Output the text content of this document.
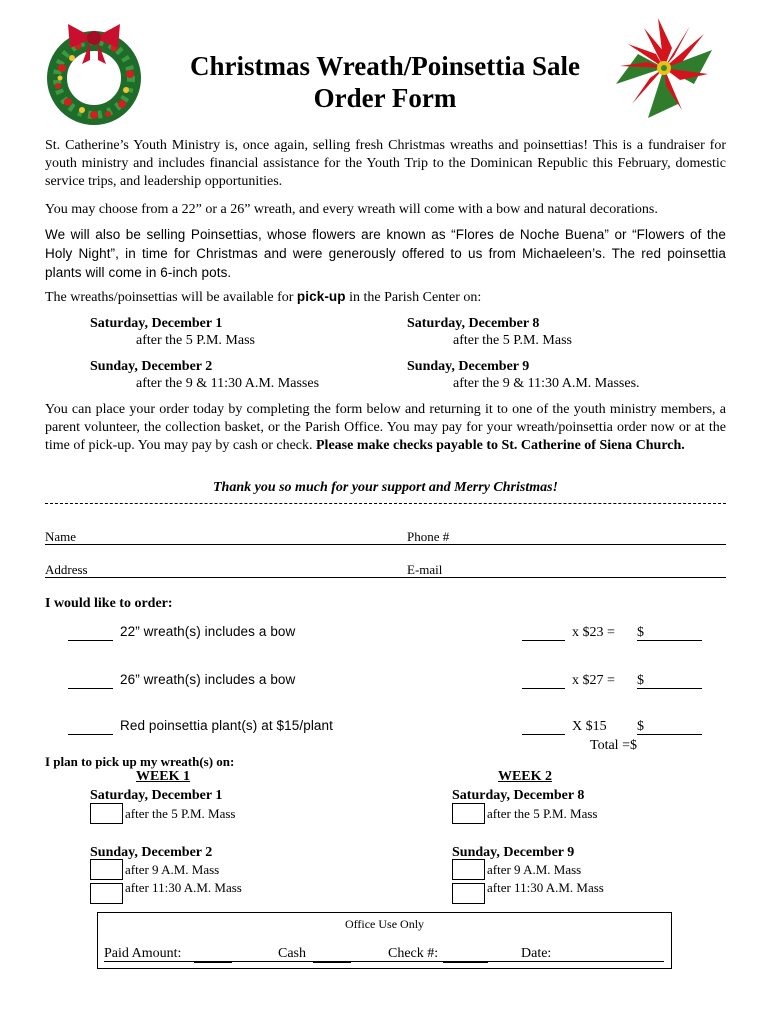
Christmas Wreath/Poinsettia Sale
Order Form
St. Catherine’s Youth Ministry is, once again, selling fresh Christmas wreaths and poinsettias! This is a fundraiser for youth ministry and includes financial assistance for the Youth Trip to the Dominican Republic this February, domestic service trips, and leadership opportunities.
You may choose from a 22” or a 26” wreath, and every wreath will come with a bow and natural decorations.
We will also be selling Poinsettias, whose flowers are known as “Flores de Noche Buena” or “Flowers of the Holy Night”, in time for Christmas and were generously offered to us from Michaeleen’s. The red poinsettia plants will come in 6-inch pots.
The wreaths/poinsettias will be available for pick-up in the Parish Center on:
Saturday, December 1
after the 5 P.M. Mass
Sunday, December 2
after the 9 & 11:30 A.M. Masses
Saturday, December 8
after the 5 P.M. Mass
Sunday, December 9
after the 9 & 11:30 A.M. Masses.
You can place your order today by completing the form below and returning it to one of the youth ministry members, a parent volunteer, the collection basket, or the Parish Office. You may pay for your wreath/poinsettia order now or at the time of pick-up. You may pay by cash or check. Please make checks payable to St. Catherine of Siena Church.
Thank you so much for your support and Merry Christmas!
Name	Phone #
Address	E-mail
I would like to order:
22” wreath(s) includes a bow	x $23 = $
26” wreath(s) includes a bow	x $27 = $
Red poinsettia plant(s) at $15/plant	X $15 $
Total =$
I plan to pick up my wreath(s) on:
WEEK 1
Saturday, December 1
after the 5 P.M. Mass
Sunday, December 2
after 9 A.M. Mass
after 11:30 A.M. Mass
WEEK 2
Saturday, December 8
after the 5 P.M. Mass
Sunday, December 9
after 9 A.M. Mass
after 11:30 A.M. Mass
Office Use Only
Paid Amount:	Cash	Check #:	Date:
